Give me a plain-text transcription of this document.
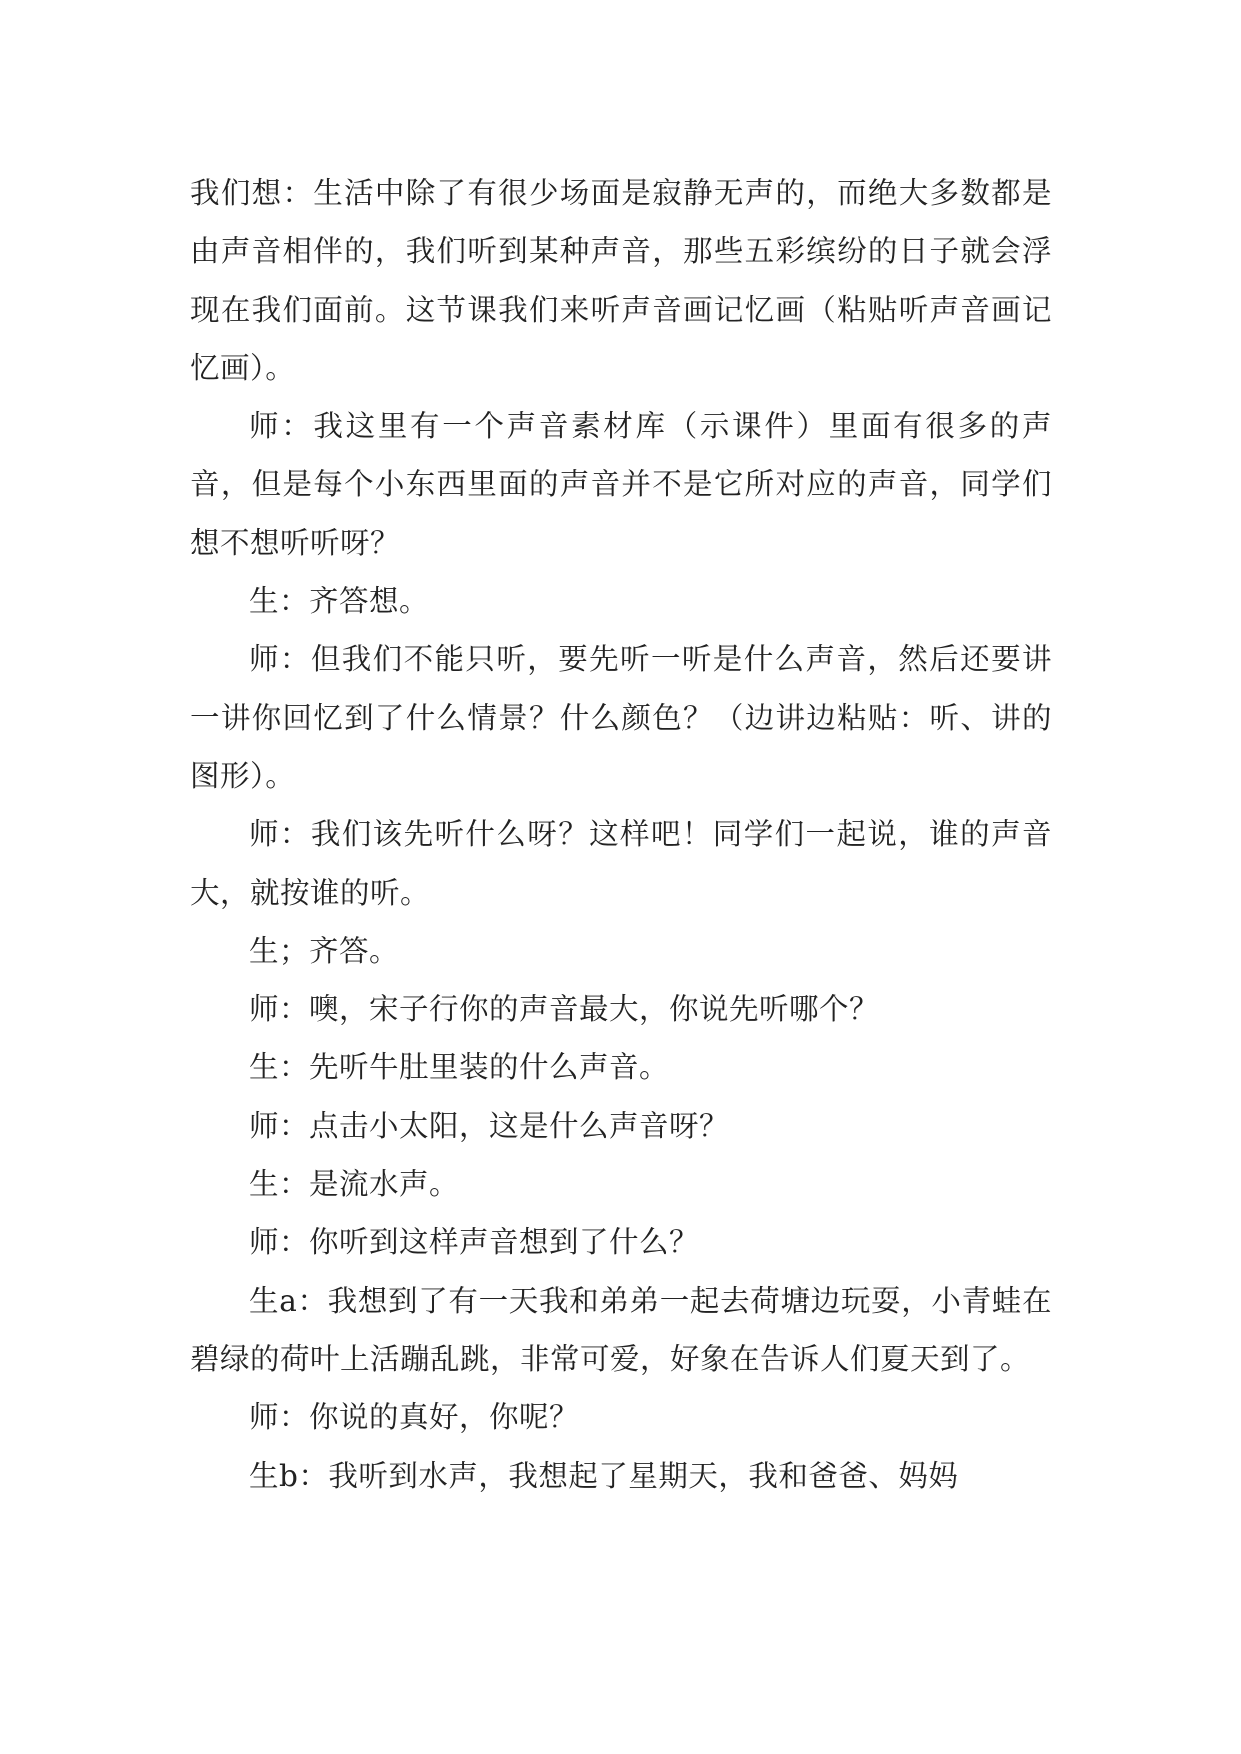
我们想：生活中除了有很少场面是寂静无声的，而绝大多数都是由声音相伴的，我们听到某种声音，那些五彩缤纷的日子就会浮现在我们面前。这节课我们来听声音画记忆画（粘贴听声音画记忆画）。

师：我这里有一个声音素材库（示课件）里面有很多的声音，但是每个小东西里面的声音并不是它所对应的声音，同学们想不想听听呀？

生：齐答想。

师：但我们不能只听，要先听一听是什么声音，然后还要讲一讲你回忆到了什么情景？什么颜色？（边讲边粘贴：听、讲的图形）。

师：我们该先听什么呀？这样吧！同学们一起说，谁的声音大，就按谁的听。

生；齐答。

师：噢，宋子行你的声音最大，你说先听哪个？

生：先听牛肚里装的什么声音。

师：点击小太阳，这是什么声音呀？

生：是流水声。

师：你听到这样声音想到了什么？

生a：我想到了有一天我和弟弟一起去荷塘边玩耍，小青蛙在碧绿的荷叶上活蹦乱跳，非常可爱，好象在告诉人们夏天到了。

师：你说的真好，你呢？

生b：我听到水声，我想起了星期天，我和爸爸、妈妈
